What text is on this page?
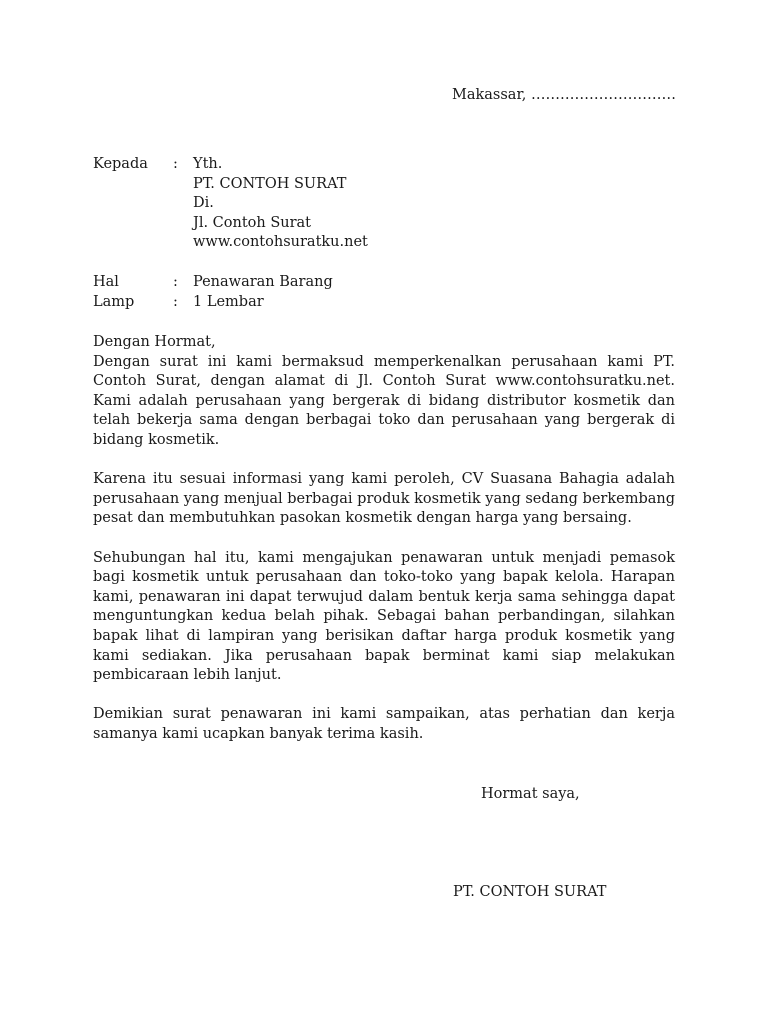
Makassar, …………………………
Kepada	:	Yth.
PT. CONTOH SURAT
Di.
Jl. Contoh Surat
www.contohsuratku.net
Hal	:	Penawaran Barang
Lamp	:	1 Lembar

Dengan Hormat,

Dengan surat ini kami bermaksud memperkenalkan perusahaan kami PT. Contoh Surat, dengan alamat di Jl. Contoh Surat www.contohsuratku.net. Kami adalah perusahaan yang bergerak di bidang distributor kosmetik dan telah bekerja sama dengan berbagai toko dan perusahaan yang bergerak di bidang kosmetik.

Karena itu sesuai informasi yang kami peroleh, CV Suasana Bahagia adalah perusahaan yang menjual berbagai produk kosmetik yang sedang berkembang pesat dan membutuhkan pasokan kosmetik dengan harga yang bersaing.

Sehubungan hal itu, kami mengajukan penawaran untuk menjadi pemasok bagi kosmetik untuk perusahaan dan toko-toko yang bapak kelola. Harapan kami, penawaran ini dapat terwujud dalam bentuk kerja sama sehingga dapat menguntungkan kedua belah pihak. Sebagai bahan perbandingan, silahkan bapak lihat di lampiran yang berisikan daftar harga produk kosmetik yang kami sediakan. Jika perusahaan bapak berminat kami siap melakukan pembicaraan lebih lanjut.

Demikian surat penawaran ini kami sampaikan, atas perhatian dan kerja samanya kami ucapkan banyak terima kasih.

Hormat saya,
PT. CONTOH SURAT
